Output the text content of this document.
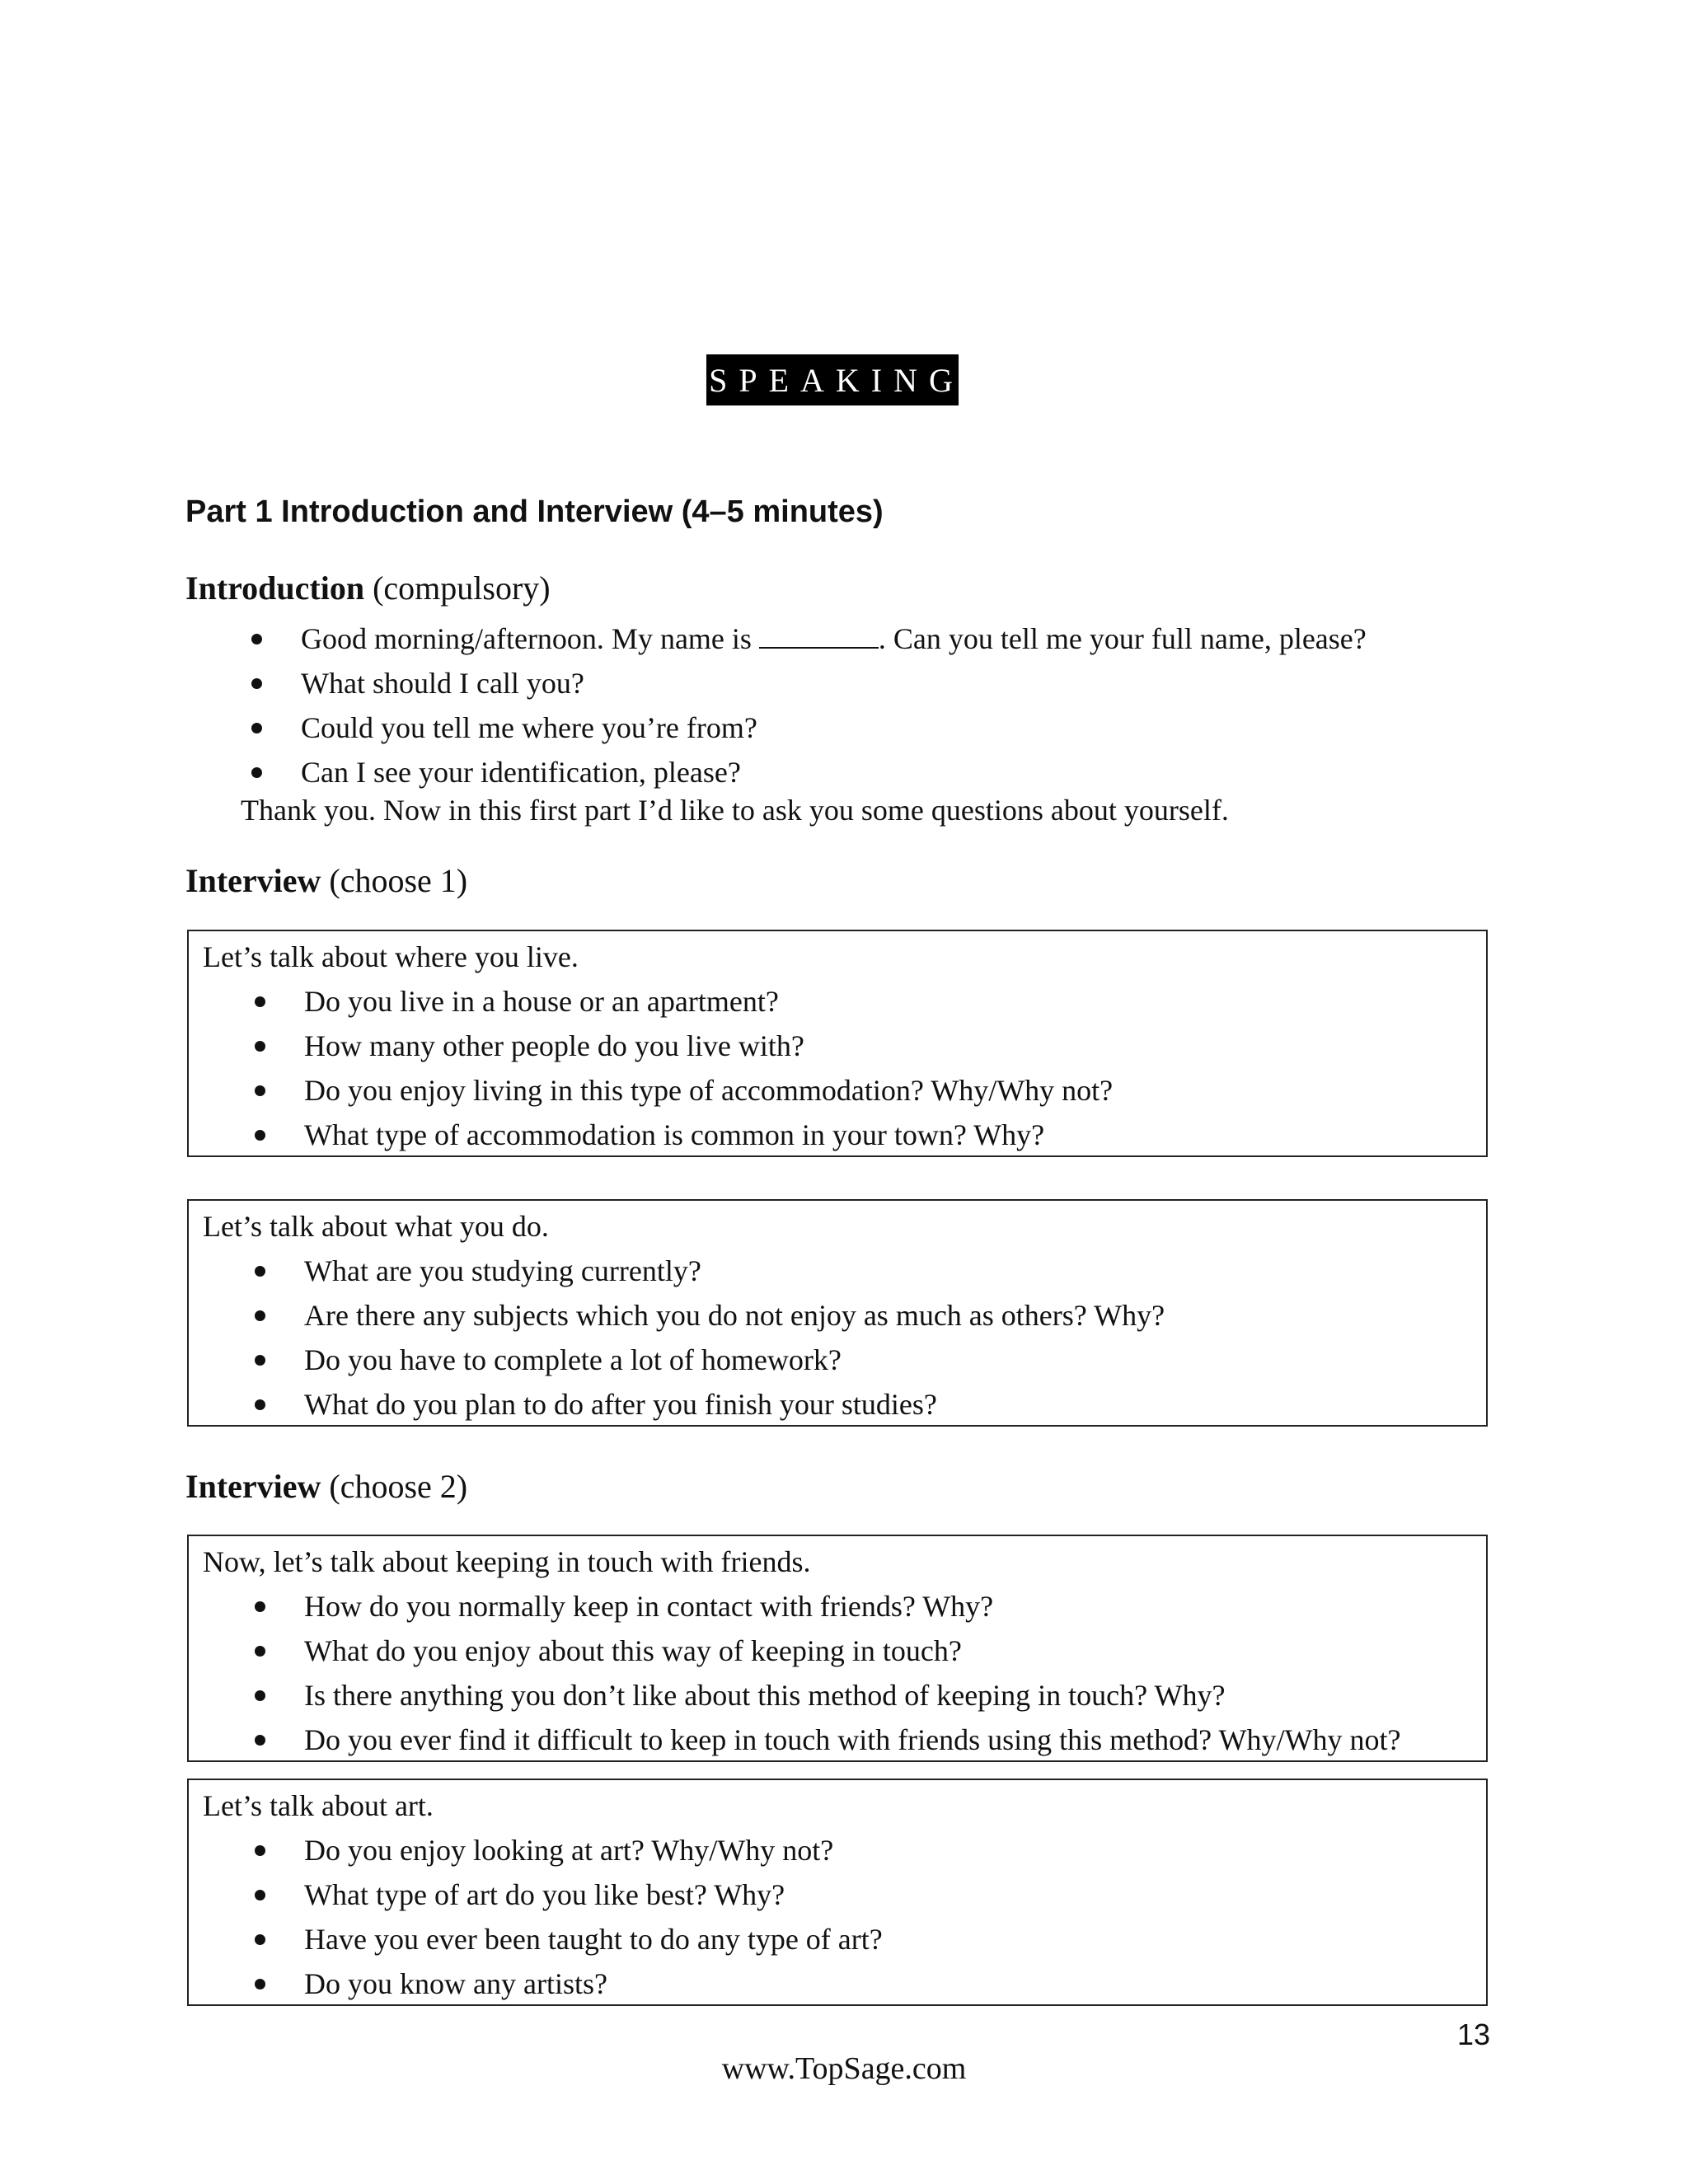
SPEAKING
Part 1 Introduction and Interview (4–5 minutes)
Introduction (compulsory)
Good morning/afternoon. My name is	. Can you tell me your full name, please?
What should I call you?
Could you tell me where you’re from?
Can I see your identification, please?
Thank you. Now in this first part I’d like to ask you some questions about yourself.
Interview (choose 1)
Let’s talk about where you live.
Do you live in a house or an apartment?
How many other people do you live with?
Do you enjoy living in this type of accommodation? Why/Why not?
What type of accommodation is common in your town? Why?
Let’s talk about what you do.
What are you studying currently?
Are there any subjects which you do not enjoy as much as others? Why?
Do you have to complete a lot of homework?
What do you plan to do after you finish your studies?
Interview (choose 2)
Now, let’s talk about keeping in touch with friends.
How do you normally keep in contact with friends? Why?
What do you enjoy about this way of keeping in touch?
Is there anything you don’t like about this method of keeping in touch? Why?
Do you ever find it difficult to keep in touch with friends using this method? Why/Why not?
Let’s talk about art.
Do you enjoy looking at art? Why/Why not?
What type of art do you like best? Why?
Have you ever been taught to do any type of art?
Do you know any artists?
13
www.TopSage.com
